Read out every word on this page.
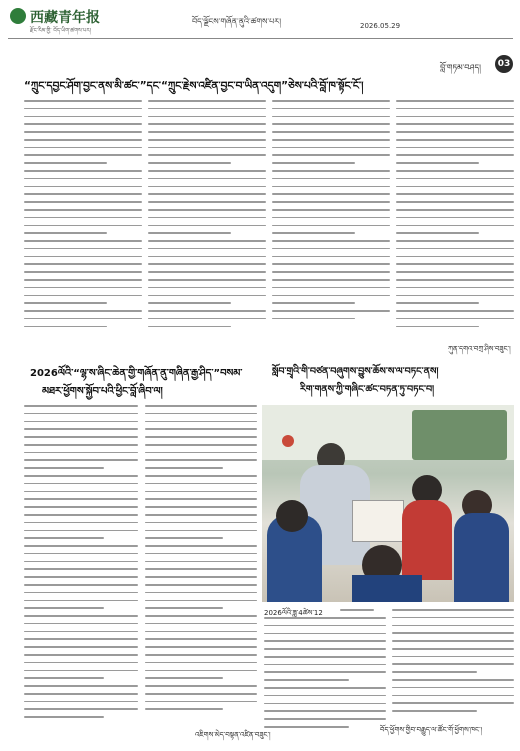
西藏青年报
རྫོང་རིམ་གྱི་ བོད་ཡིག་ཚགས་པར།
བོད་ལྗོངས་གཞོན་ནུའི་ཚགས་པར།	2026.05.29
བློ་གཏམ་བཤད།	03
“ཀྲུང་དབྱང་ཤོག་བྱང་ནས་མི་ཚང་”དང་“ཀྲུང་རྗེས་འཛིན་བྱང་བ་ཡིན་འདུག”ཅེས་པའི་བློ་ཁ་སྟོང་ངོ་།
ཀུན་དགའ་བཀྲ་ཤིས་བཟུང་།
སློབ་གྲྭའི་གི་བཙན་བཞུགས་བྱུས་ཆོས་ས་ལ་བཏང་ནས།
རིག་གནས་ཀྱི་གཞིང་ཚང་བཏན་ཏུ་བཏང་བ།
2026ལོའི་“ལྷ་ས་ཞིང་ཆེན་གྱི་གཞོན་ནུ་གཞིན་རྒྱ་ཤིད་”བསམ་
མཐར་ཕྱོགས་སྐྱོབ་པའི་ཕྱིང་བློ་ཞིབ་ལ།
འཇིགས་མེད་བསྟན་འཛིན་བཟུང་།
2026ལོའི་ཟླ་4ཚེས་12
བོད་ཕྱོགས་གྱིབ་བརྒྱུད་ལ་ཚོང་གོ་ཕྱོགས་ཁང་།
